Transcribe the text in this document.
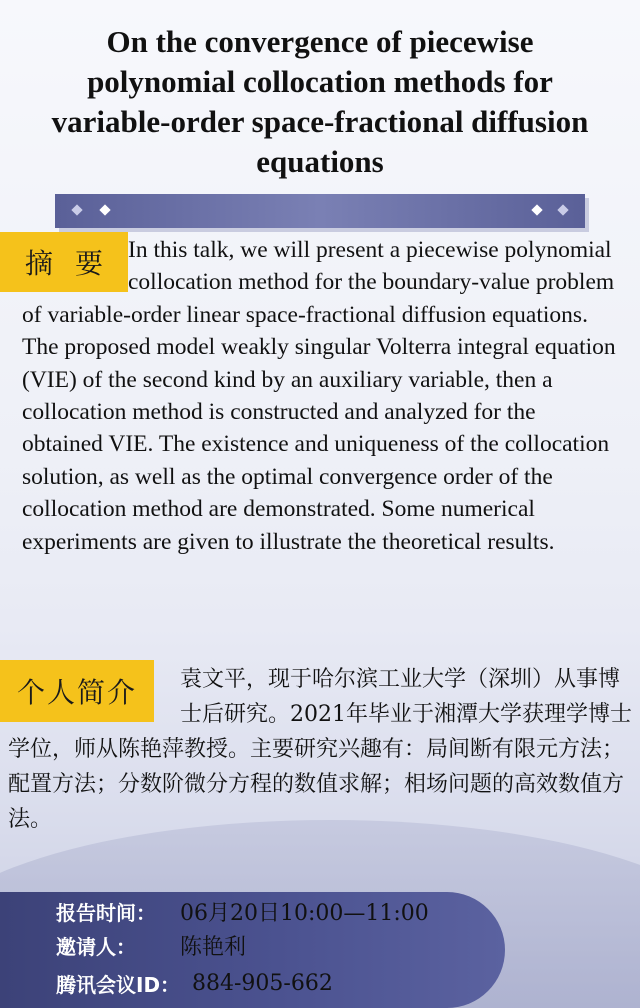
On the convergence of piecewise polynomial collocation methods for variable-order space-fractional diffusion equations
摘要 In this talk, we will present a piecewise polynomial collocation method for the boundary-value problem of variable-order linear space-fractional diffusion equations. The proposed model weakly singular Volterra integral equation (VIE) of the second kind by an auxiliary variable, then a collocation method is constructed and analyzed for the obtained VIE. The existence and uniqueness of the collocation solution, as well as the optimal convergence order of the collocation method are demonstrated. Some numerical experiments are given to illustrate the theoretical results.
个人简介	袁文平，现于哈尔滨工业大学（深圳）从事博士后研究。2021年毕业于湘潭大学获理学博士学位，师从陈艳萍教授。主要研究兴趣有：局间断有限元方法；配置方法；分数阶微分方程的数值求解；相场问题的高效数值方法。
报告时间：	06月20日10:00—11:00
邀请人：	陈艳利
腾讯会议ID： 884-905-662
